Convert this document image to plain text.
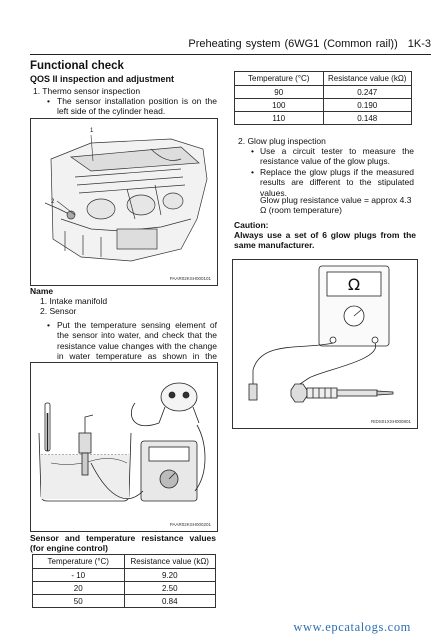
Preheating system (6WG1 (Common rail)) 1K-3
Functional check
QOS II inspection and adjustment
1. Thermo sensor inspection
• The sensor installation position is on the left side of the cylinder head.
1
2
PAAR02KSH000101
Name
1. Intake manifold
2. Sensor
• Put the temperature sensing element of the sensor into water, and check that the resistance value changes with the change in water temperature as shown in the
PAAR02KSH000201
Sensor and temperature resistance values (for engine control)
Temperature (°C)	Resistance value (kΩ)
- 10	9.20
20	2.50
50	0.84
Temperature (°C)	Resistance value (kΩ)
90	0.247
100	0.190
110	0.148
2. Glow plug inspection
• Use a circuit tester to measure the resistance value of the glow plugs.
• Replace the glow plugs if the measured results are different to the stipulated values.
Glow plug resistance value = approx 4.3 Ω (room temperature)
Caution:
Always use a set of 6 glow plugs from the same manufacturer.
Ω
RIDS01XSH000801
www.epcatalogs.com
